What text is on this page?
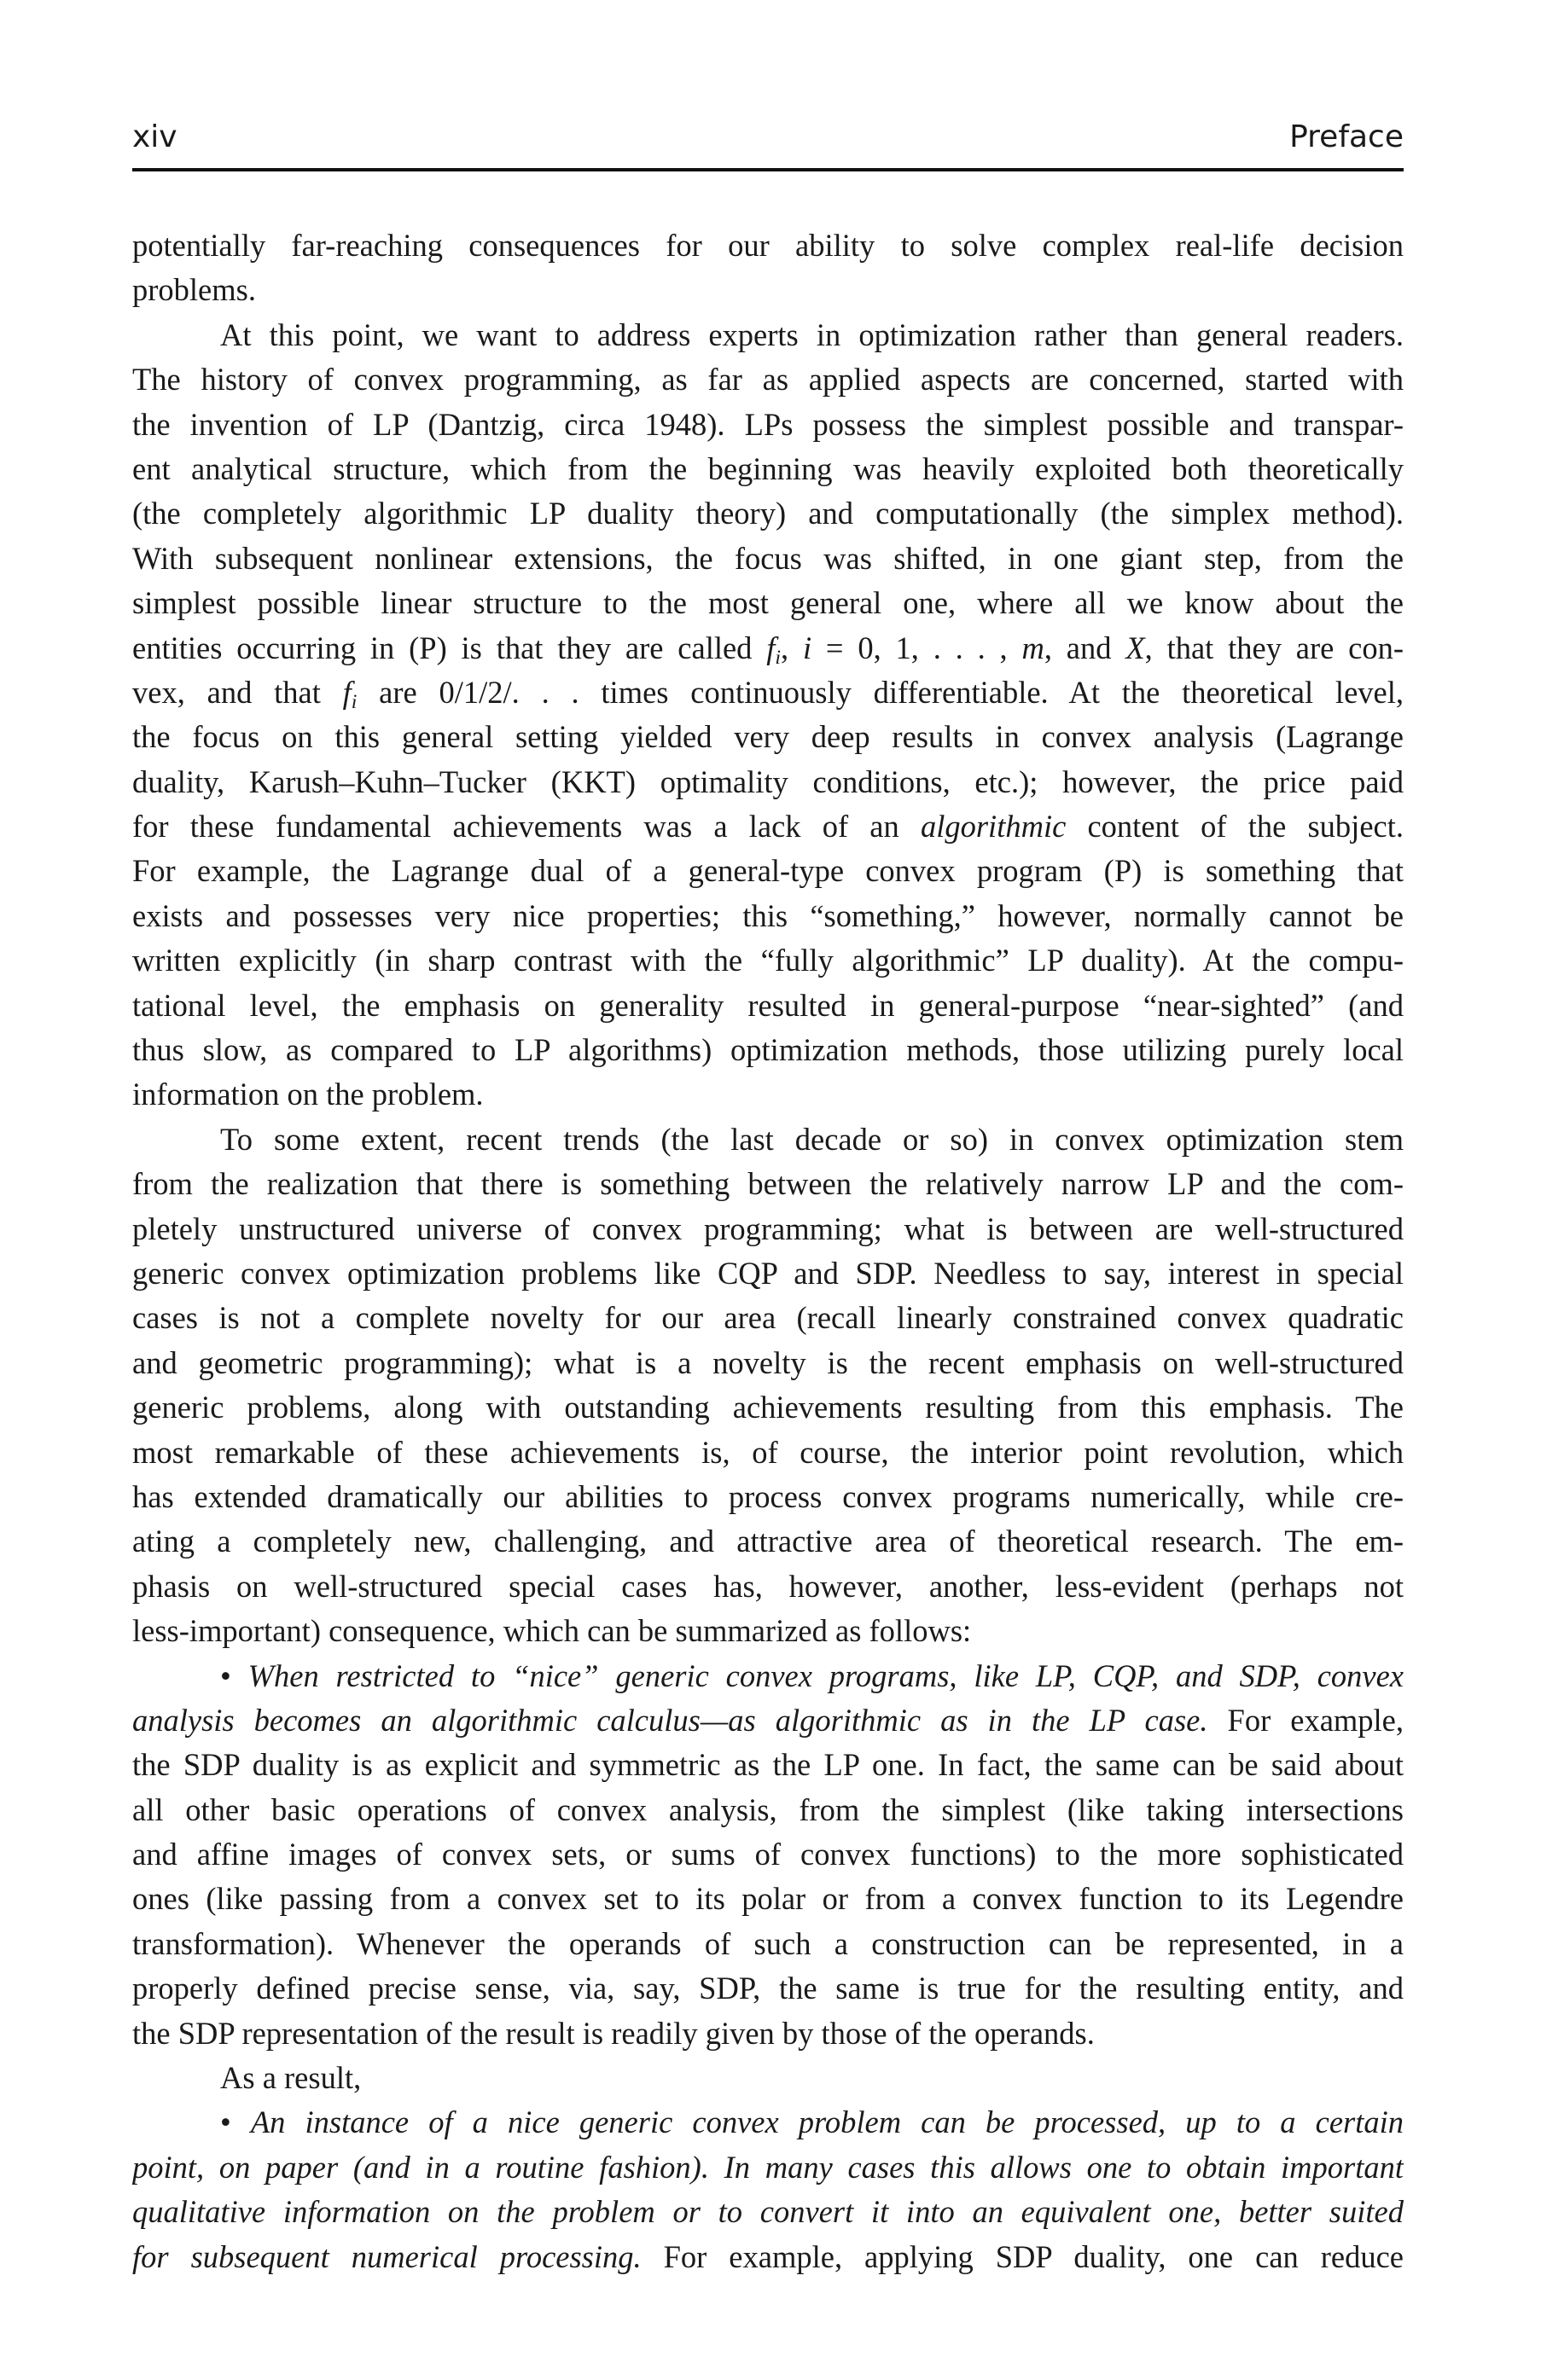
xiv	Preface
potentially far-reaching consequences for our ability to solve complex real-life decision
problems.
At this point, we want to address experts in optimization rather than general readers.
The history of convex programming, as far as applied aspects are concerned, started with
the invention of LP (Dantzig, circa 1948). LPs possess the simplest possible and transpar-
ent analytical structure, which from the beginning was heavily exploited both theoretically
(the completely algorithmic LP duality theory) and computationally (the simplex method).
With subsequent nonlinear extensions, the focus was shifted, in one giant step, from the
simplest possible linear structure to the most general one, where all we know about the
entities occurring in (P) is that they are called $f_i$, i = 0, 1, . . . , m, and X, that they are con-
vex, and that $f_i$ are 0/1/2/. . . times continuously differentiable. At the theoretical level,
the focus on this general setting yielded very deep results in convex analysis (Lagrange
duality, Karush–Kuhn–Tucker (KKT) optimality conditions, etc.); however, the price paid
for these fundamental achievements was a lack of an algorithmic content of the subject.
For example, the Lagrange dual of a general-type convex program (P) is something that
exists and possesses very nice properties; this “something,” however, normally cannot be
written explicitly (in sharp contrast with the “fully algorithmic” LP duality). At the compu-
tational level, the emphasis on generality resulted in general-purpose “near-sighted” (and
thus slow, as compared to LP algorithms) optimization methods, those utilizing purely local
information on the problem.
To some extent, recent trends (the last decade or so) in convex optimization stem
from the realization that there is something between the relatively narrow LP and the com-
pletely unstructured universe of convex programming; what is between are well-structured
generic convex optimization problems like CQP and SDP. Needless to say, interest in special
cases is not a complete novelty for our area (recall linearly constrained convex quadratic
and geometric programming); what is a novelty is the recent emphasis on well-structured
generic problems, along with outstanding achievements resulting from this emphasis. The
most remarkable of these achievements is, of course, the interior point revolution, which
has extended dramatically our abilities to process convex programs numerically, while cre-
ating a completely new, challenging, and attractive area of theoretical research. The em-
phasis on well-structured special cases has, however, another, less-evident (perhaps not
less-important) consequence, which can be summarized as follows:
• When restricted to “nice” generic convex programs, like LP, CQP, and SDP, convex
analysis becomes an algorithmic calculus—as algorithmic as in the LP case. For example,
the SDP duality is as explicit and symmetric as the LP one. In fact, the same can be said about
all other basic operations of convex analysis, from the simplest (like taking intersections
and affine images of convex sets, or sums of convex functions) to the more sophisticated
ones (like passing from a convex set to its polar or from a convex function to its Legendre
transformation). Whenever the operands of such a construction can be represented, in a
properly defined precise sense, via, say, SDP, the same is true for the resulting entity, and
the SDP representation of the result is readily given by those of the operands.
As a result,
• An instance of a nice generic convex problem can be processed, up to a certain
point, on paper (and in a routine fashion). In many cases this allows one to obtain important
qualitative information on the problem or to convert it into an equivalent one, better suited
for subsequent numerical processing. For example, applying SDP duality, one can reduce
